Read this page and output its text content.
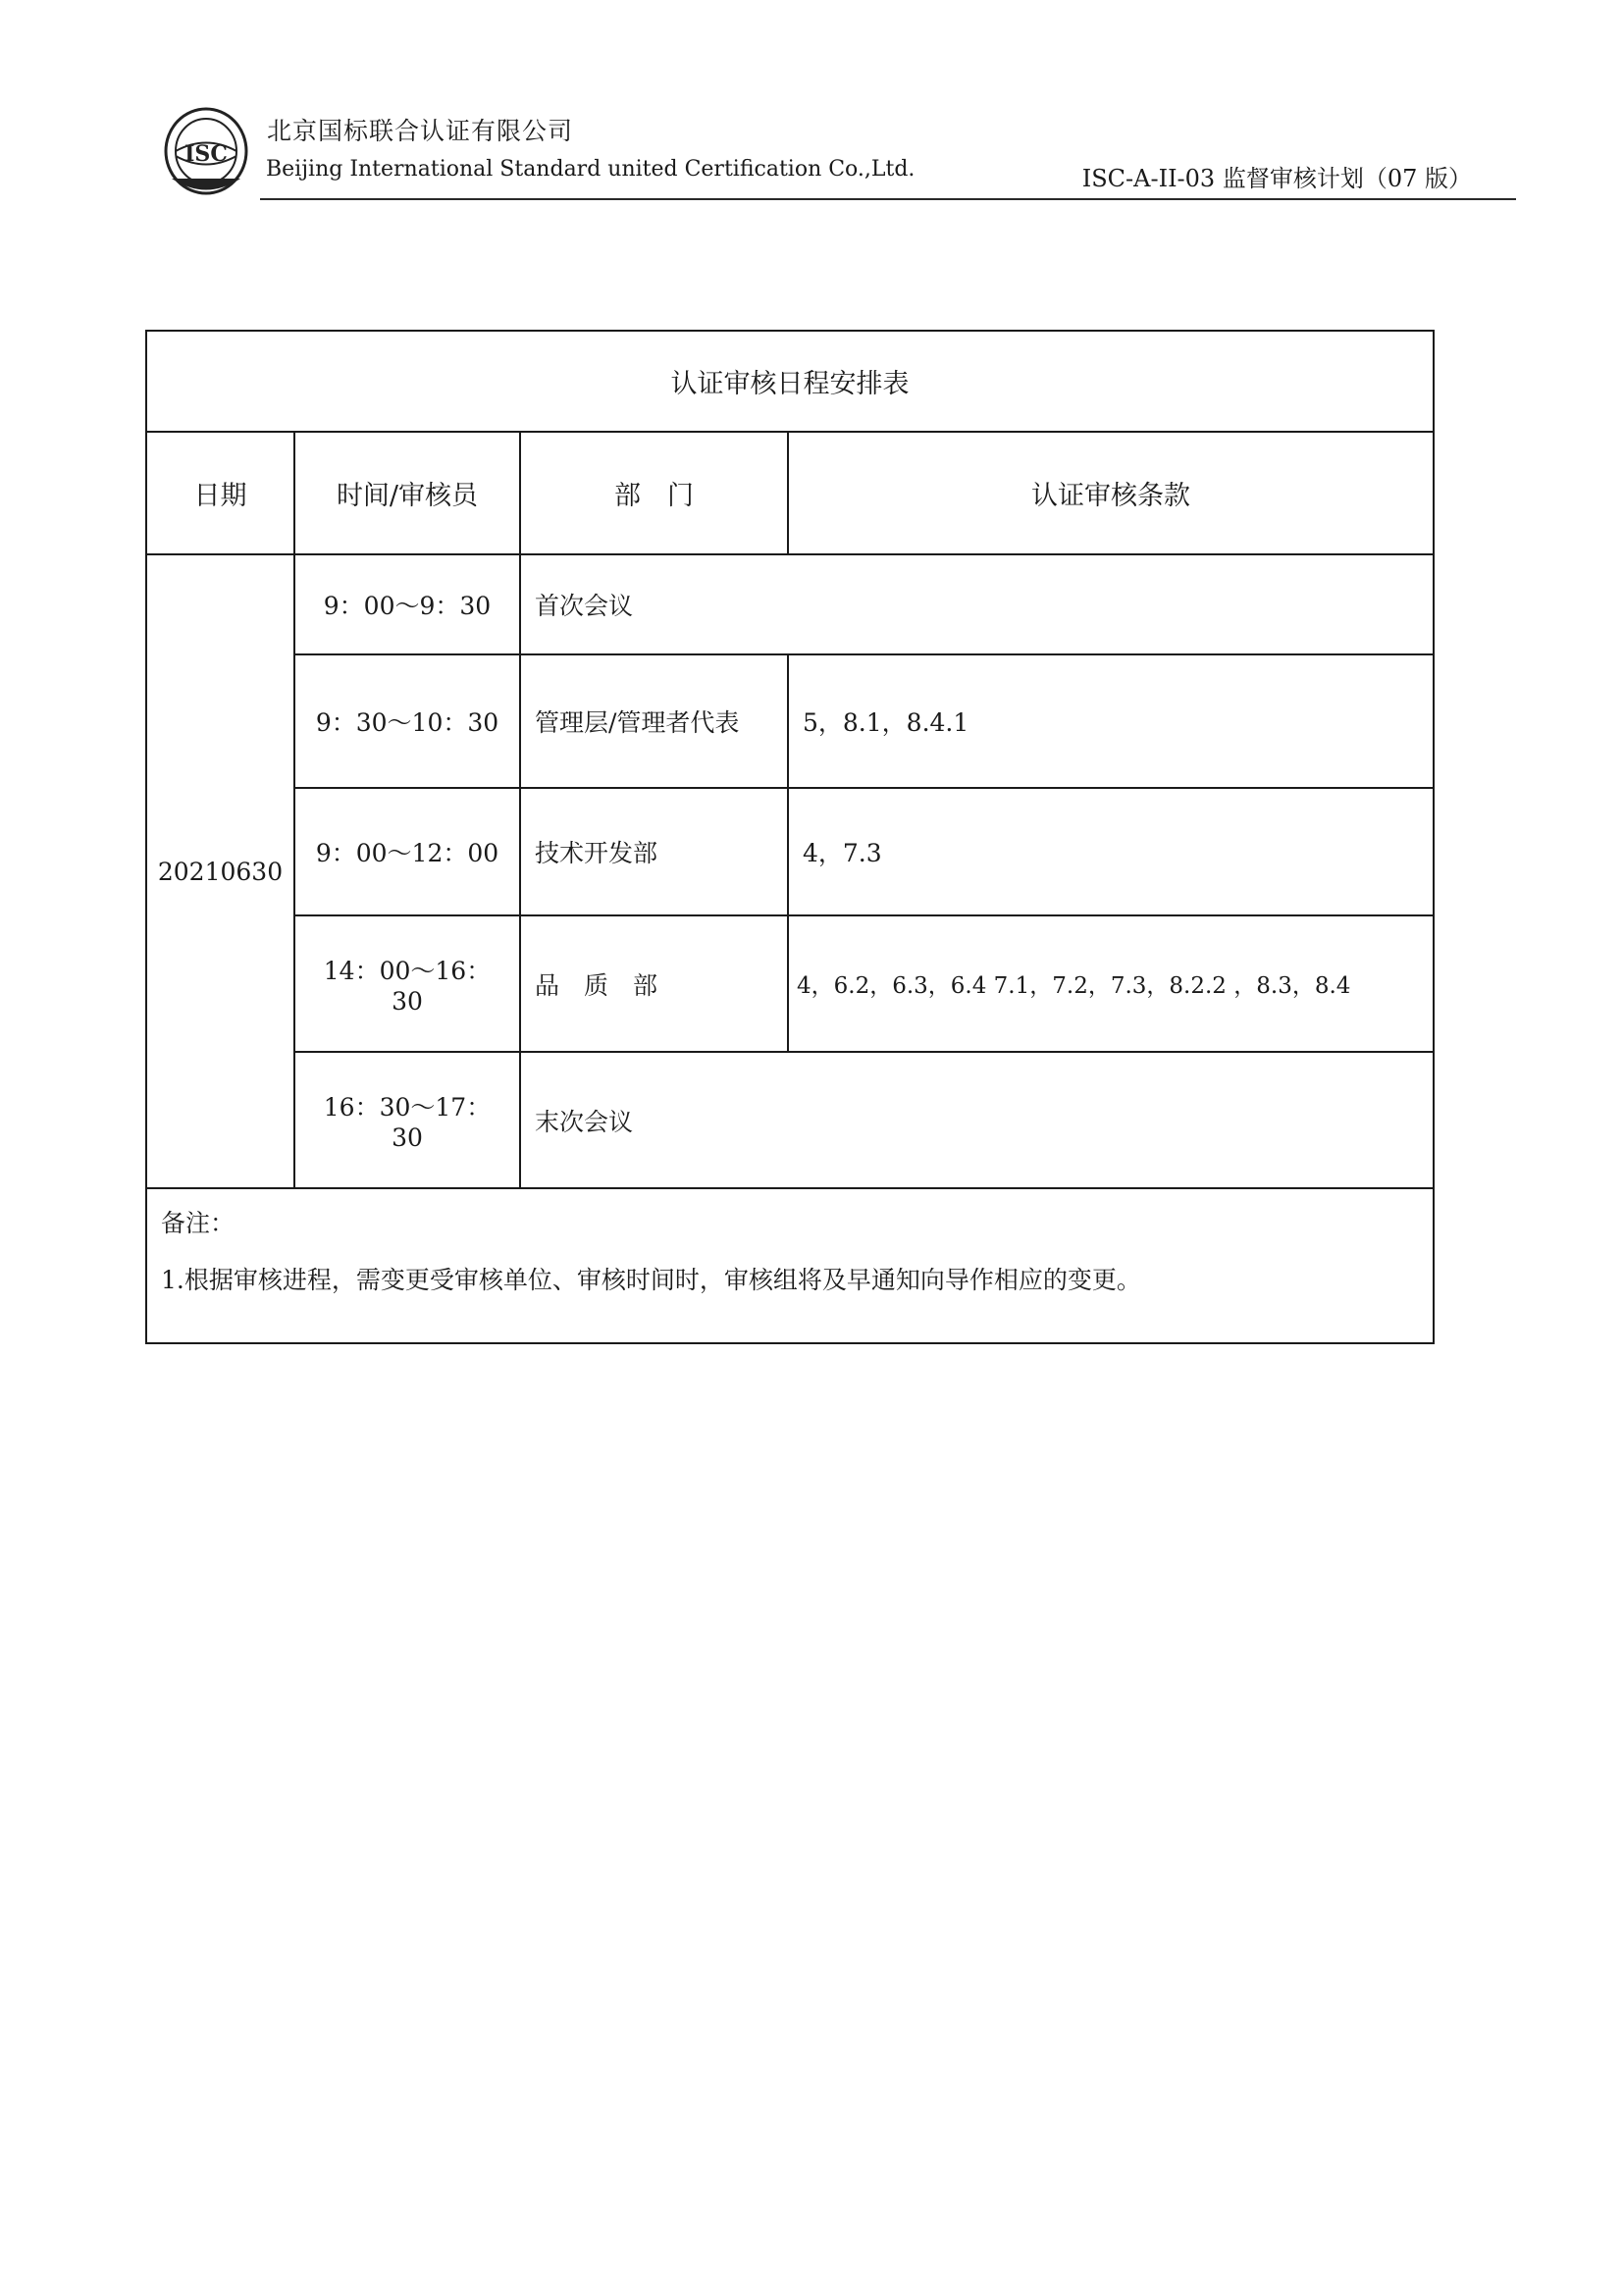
ISC
北京国标联合认证有限公司
Beijing International Standard united Certification Co.,Ltd.	ISC-A-II-03 监督审核计划（07 版）
认证审核日程安排表			
日期	时间/审核员	部　门	认证审核条款
20210630	9：00～9：30	首次会议	
	9：30～10：30	管理层/管理者代表	5，8.1，8.4.1
	9：00～12：00	技术开发部	4，7.3
	14：00～16：30	品　质　部	4，6.2，6.3，6.4 7.1，7.2，7.3，8.2.2 ，8.3，8.4
	16：30～17：30	末次会议	

备注：
1.根据审核进程，需变更受审核单位、审核时间时，审核组将及早通知向导作相应的变更。			
